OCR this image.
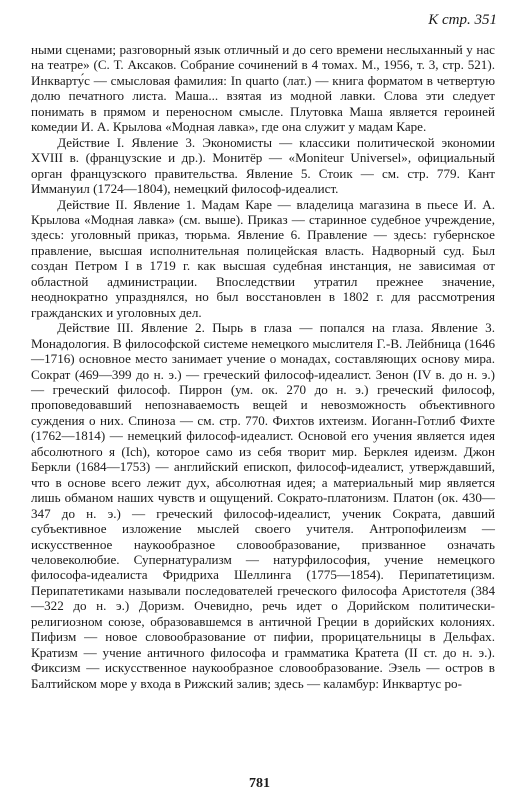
К стр. 351

ными сценами; разговорный язык отличный и до сего времени неслыханный у нас на театре» (С. Т. Аксаков. Собрание сочинений в 4 томах. М., 1956, т. 3, стр. 521). Инкварту́с — смысловая фамилия: In quarto (лат.) — книга форматом в четвертую долю печатного листа. Маша... взятая из модной лавки. Слова эти следует понимать в прямом и переносном смысле. Плутовка Маша является героиней комедии И. А. Крылова «Модная лавка», где она служит у мадам Каре.

Действие I. Явление 3. Экономисты — классики политической экономии XVIII в. (французские и др.). Монитёр — «Moniteur Universel», официальный орган французского правительства. Явление 5. Стоик — см. стр. 779. Кант Иммануил (1724—1804), немецкий философ-идеалист.

Действие II. Явление 1. Мадам Каре — владелица магазина в пьесе И. А. Крылова «Модная лавка» (см. выше). Приказ — старинное судебное учреждение, здесь: уголовный приказ, тюрьма. Явление 6. Правление — здесь: губернское правление, высшая исполнительная полицейская власть. Надворный суд. Был создан Петром I в 1719 г. как высшая судебная инстанция, не зависимая от областной администрации. Впоследствии утратил прежнее значение, неоднократно упразднялся, но был восстановлен в 1802 г. для рассмотрения гражданских и уголовных дел.

Действие III. Явление 2. Пырь в глаза — попался на глаза. Явление 3. Монадология. В философской системе немецкого мыслителя Г.-В. Лейбница (1646—1716) основное место занимает учение о монадах, составляющих основу мира. Сократ (469—399 до н. э.) — греческий философ-идеалист. Зенон (IV в. до н. э.) — греческий философ. Пиррон (ум. ок. 270 до н. э.) греческий философ, проповедовавший непознаваемость вещей и невозможность объективного суждения о них. Спиноза — см. стр. 770. Фихтов ихтеизм. Иоганн-Готлиб Фихте (1762—1814) — немецкий философ-идеалист. Основой его учения является идея абсолютного я (Ich), которое само из себя творит мир. Берклея идеизм. Джон Беркли (1684—1753) — английский епископ, философ-идеалист, утверждавший, что в основе всего лежит дух, абсолютная идея; а материальный мир является лишь обманом наших чувств и ощущений. Сократо-платонизм. Платон (ок. 430—347 до н. э.) — греческий философ-идеалист, ученик Сократа, давший субъективное изложение мыслей своего учителя. Антропофилеизм — искусственное наукообразное словообразование, призванное означать человеколюбие. Супернатурализм — натурфилософия, учение немецкого философа-идеалиста Фридриха Шеллинга (1775—1854). Перипатетицизм. Перипатетиками называли последователей греческого философа Аристотеля (384—322 до н. э.) Доризм. Очевидно, речь идет о Дорийском политически-религиозном союзе, образовавшемся в античной Греции в дорийских колониях. Пифизм — новое словообразование от пифии, прорицательницы в Дельфах. Кратизм — учение античного философа и грамматика Кратета (II ст. до н. э.). Фиксизм — искусственное наукообразное словообразование. Эзель — остров в Балтийском море у входа в Рижский залив; здесь — каламбур: Инквартус ро-

781
